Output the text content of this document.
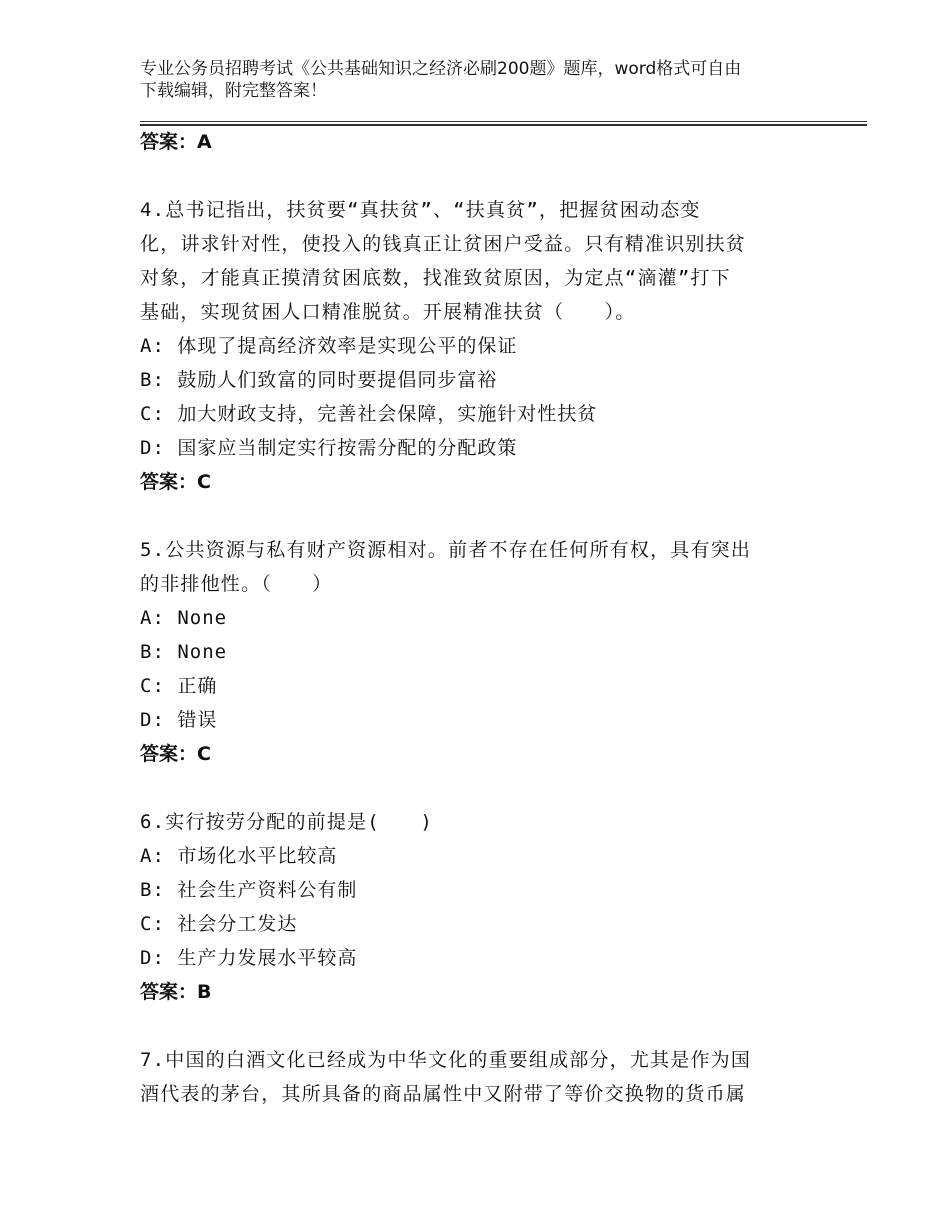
专业公务员招聘考试《公共基础知识之经济必刷200题》题库，word格式可自由
下载编辑，附完整答案！
答案：A
4.总书记指出，扶贫要“真扶贫”、“扶真贫”，把握贫困动态变
化，讲求针对性，使投入的钱真正让贫困户受益。只有精准识别扶贫
对象，才能真正摸清贫困底数，找准致贫原因，为定点“滴灌”打下
基础，实现贫困人口精准脱贫。开展精准扶贫（　　）。
A: 体现了提高经济效率是实现公平的保证
B: 鼓励人们致富的同时要提倡同步富裕
C: 加大财政支持，完善社会保障，实施针对性扶贫
D: 国家应当制定实行按需分配的分配政策
答案：C
5.公共资源与私有财产资源相对。前者不存在任何所有权，具有突出
的非排他性。（　　）
A: None
B: None
C: 正确
D: 错误
答案：C
6.实行按劳分配的前提是(　　)
A: 市场化水平比较高
B: 社会生产资料公有制
C: 社会分工发达
D: 生产力发展水平较高
答案：B
7.中国的白酒文化已经成为中华文化的重要组成部分，尤其是作为国
酒代表的茅台，其所具备的商品属性中又附带了等价交换物的货币属
